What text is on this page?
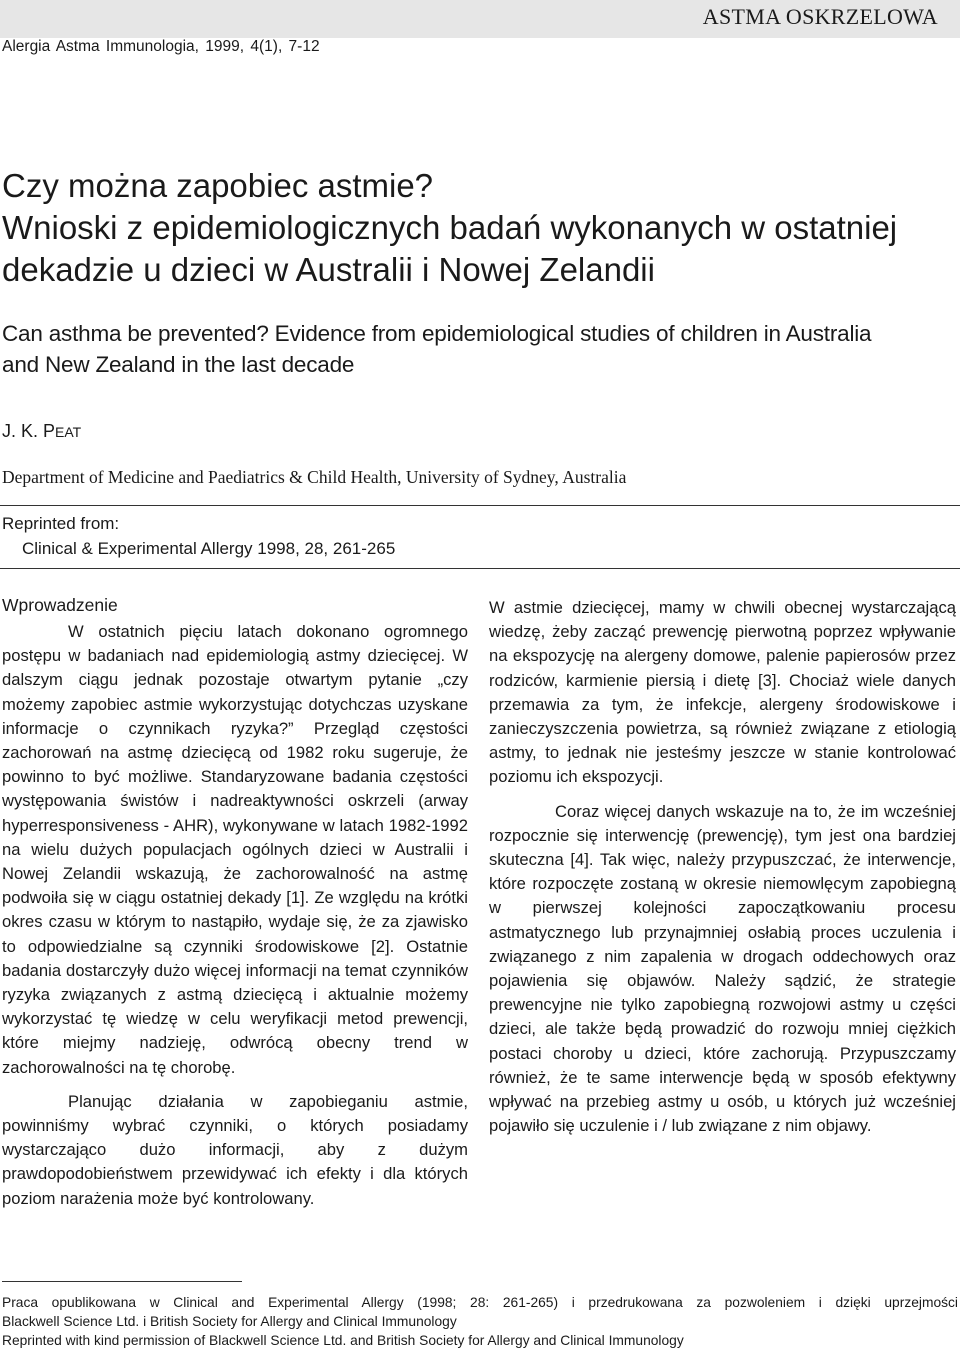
ASTMA OSKRZELOWA
Alergia Astma Immunologia, 1999, 4(1), 7-12
Czy można zapobiec astmie?
Wnioski z epidemiologicznych badań wykonanych w ostatniej
dekadzie u dzieci w Australii i Nowej Zelandii
Can asthma be prevented? Evidence from epidemiological studies of children in Australia
and New Zealand in the last decade
J. K. PEAT
Department of Medicine and Paediatrics & Child Health, University of Sydney, Australia
Reprinted from:
Clinical & Experimental Allergy 1998, 28, 261-265
Wprowadzenie

W ostatnich pięciu latach dokonano ogromnego postępu w badaniach nad epidemiologią astmy dziecięcej. W dalszym ciągu jednak pozostaje otwartym pytanie „czy możemy zapobiec astmie wykorzystując dotychczas uzyskane informacje o czynnikach ryzyka?” Przegląd częstości zachorowań na astmę dziecięcą od 1982 roku sugeruje, że powinno to być możliwe. Standaryzowane badania częstości występowania świstów i nadreaktywności oskrzeli (arway hyperresponsiveness - AHR), wykonywane w latach 1982-1992 na wielu dużych populacjach ogólnych dzieci w Australii i Nowej Zelandii wskazują, że zachorowalność na astmę podwoiła się w ciągu ostatniej dekady [1]. Ze względu na krótki okres czasu w którym to nastąpiło, wydaje się, że za zjawisko to odpowiedzialne są czynniki środowiskowe [2]. Ostatnie badania dostarczyły dużo więcej informacji na temat czynników ryzyka związanych z astmą dziecięcą i aktualnie możemy wykorzystać tę wiedzę w celu weryfikacji metod prewencji, które miejmy nadzieję, odwrócą obecny trend w zachorowalności na tę chorobę.

Planując działania w zapobieganiu astmie, powinniśmy wybrać czynniki, o których posiadamy wystarczająco dużo informacji, aby z dużym prawdopodobieństwem przewidywać ich efekty i dla których poziom narażenia może być kontrolowany.

W astmie dziecięcej, mamy w chwili obecnej wystarczającą wiedzę, żeby zacząć prewencję pierwotną poprzez wpływanie na ekspozycję na alergeny domowe, palenie papierosów przez rodziców, karmienie piersią i dietę [3]. Chociaż wiele danych przemawia za tym, że infekcje, alergeny środowiskowe i zanieczyszczenia powietrza, są również związane z etiologią astmy, to jednak nie jesteśmy jeszcze w stanie kontrolować poziomu ich ekspozycji.

Coraz więcej danych wskazuje na to, że im wcześniej rozpocznie się interwencję (prewencję), tym jest ona bardziej skuteczna [4]. Tak więc, należy przypuszczać, że interwencje, które rozpoczęte zostaną w okresie niemowlęcym zapobiegną w pierwszej kolejności zapoczątkowaniu procesu astmatycznego lub przynajmniej osłabią proces uczulenia i związanego z nim zapalenia w drogach oddechowych oraz pojawienia się objawów. Należy sądzić, że strategie prewencyjne nie tylko zapobiegną rozwojowi astmy u części dzieci, ale także będą prowadzić do rozwoju mniej ciężkich postaci choroby u dzieci, które zachorują. Przypuszczamy również, że te same interwencje będą w sposób efektywny wpływać na przebieg astmy u osób, u których już wcześniej pojawiło się uczulenie i / lub związane z nim objawy.

Praca opublikowana w Clinical and Experimental Allergy (1998; 28: 261-265) i przedrukowana za pozwoleniem i dzięki uprzejmości
Blackwell Science Ltd. i British Society for Allergy and Clinical Immunology
Reprinted with kind permission of Blackwell Science Ltd. and British Society for Allergy and Clinical Immunology
